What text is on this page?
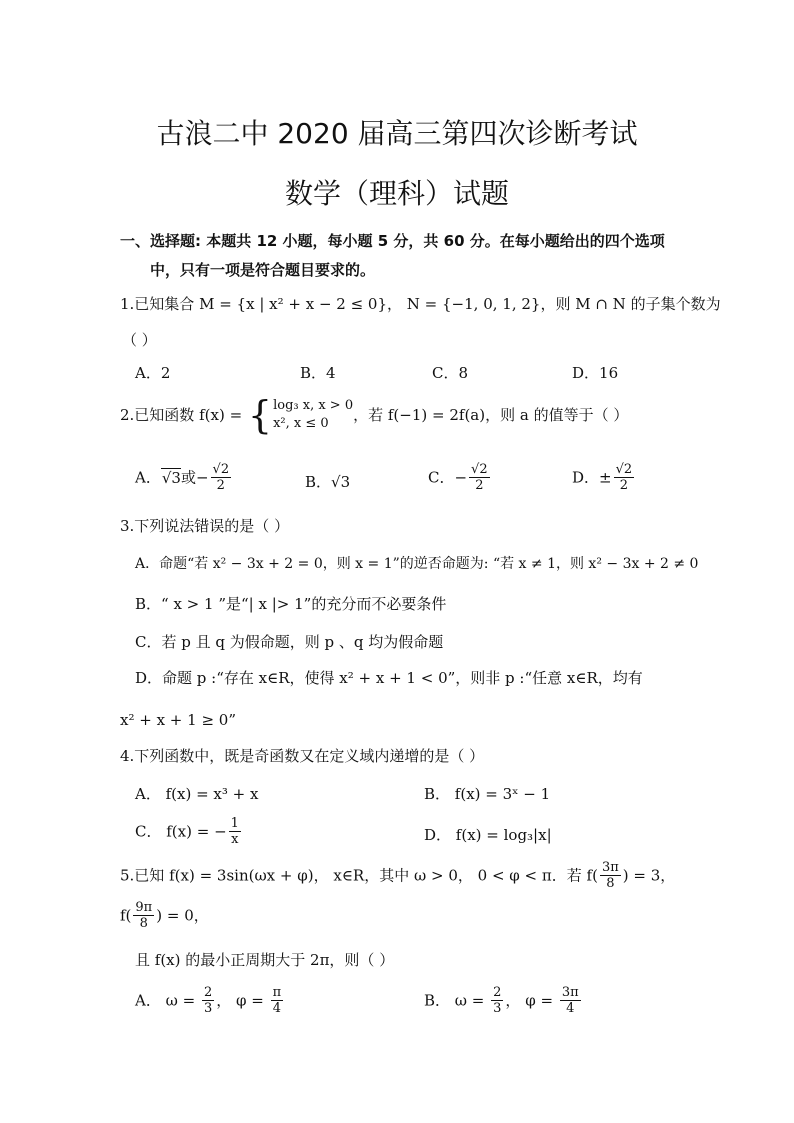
古浪二中 2020 届高三第四次诊断考试
数学（理科）试题
一、选择题: 本题共 12 小题，每小题 5 分，共 60 分。在每小题给出的四个选项
中，只有一项是符合题目要求的。
1.已知集合 M = {x | x² + x − 2 ≤ 0}， N = {−1, 0, 1, 2}，则 M ∩ N 的子集个数为
（ ）
A．2	B．4	C．8	D．16
2.已知函数 f(x) = { log₃ x, x > 0
x², x ≤ 0	，若 f(−1) = 2f(a)，则 a 的值等于（ ）
A．√3或− $\frac{√2}{2}$	B．√3	C．− $\frac{√2}{2}$	D．± $\frac{√2}{2}$
3.下列说法错误的是（ ）
A．命题“若 x² − 3x + 2 = 0，则 x = 1”的逆否命题为: “若 x ≠ 1，则 x² − 3x + 2 ≠ 0
B．“ x > 1 ”是“| x |> 1”的充分而不必要条件
C．若 p 且 q 为假命题，则 p 、q 均为假命题
D．命题 p :“存在 x∈R，使得 x² + x + 1 < 0”，则非 p :“任意 x∈R，均有
x² + x + 1 ≥ 0”
4.下列函数中，既是奇函数又在定义域内递增的是（ ）
A． f(x) = x³ + x	B． f(x) = 3ˣ − 1
C． f(x) = − $\frac{1}{x}$	D． f(x) = log₃|x|
5.已知 f(x) = 3sin(ωx + φ)， x∈R，其中 ω > 0， 0 < φ < π．若 $f( \frac{3\pi}{8}$ ) = 3，
$f( \frac{9\pi}{8}$ ) = 0，
且 f(x) 的最小正周期大于 2π，则（ ）
A． $\omega = \frac{2}{3}$ ， $\varphi = \frac{\pi}{4}$	B． $\omega = \frac{2}{3}$ ， $\varphi = \frac{3\pi}{4}$
